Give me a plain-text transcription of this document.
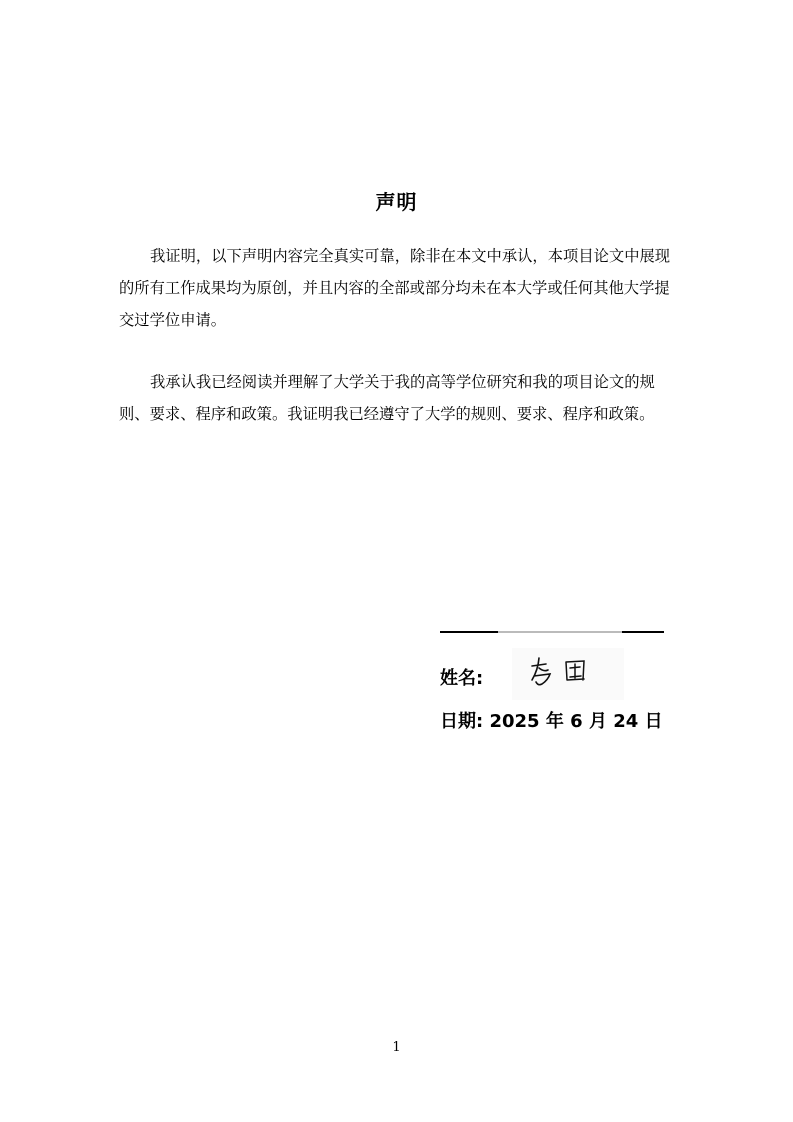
声明

我证明，以下声明内容完全真实可靠，除非在本文中承认，本项目论文中展现的所有工作成果均为原创，并且内容的全部或部分均未在本大学或任何其他大学提交过学位申请。

我承认我已经阅读并理解了大学关于我的高等学位研究和我的项目论文的规则、要求、程序和政策。我证明我已经遵守了大学的规则、要求、程序和政策。

姓名:
日期: 2025 年 6 月 24 日
1
